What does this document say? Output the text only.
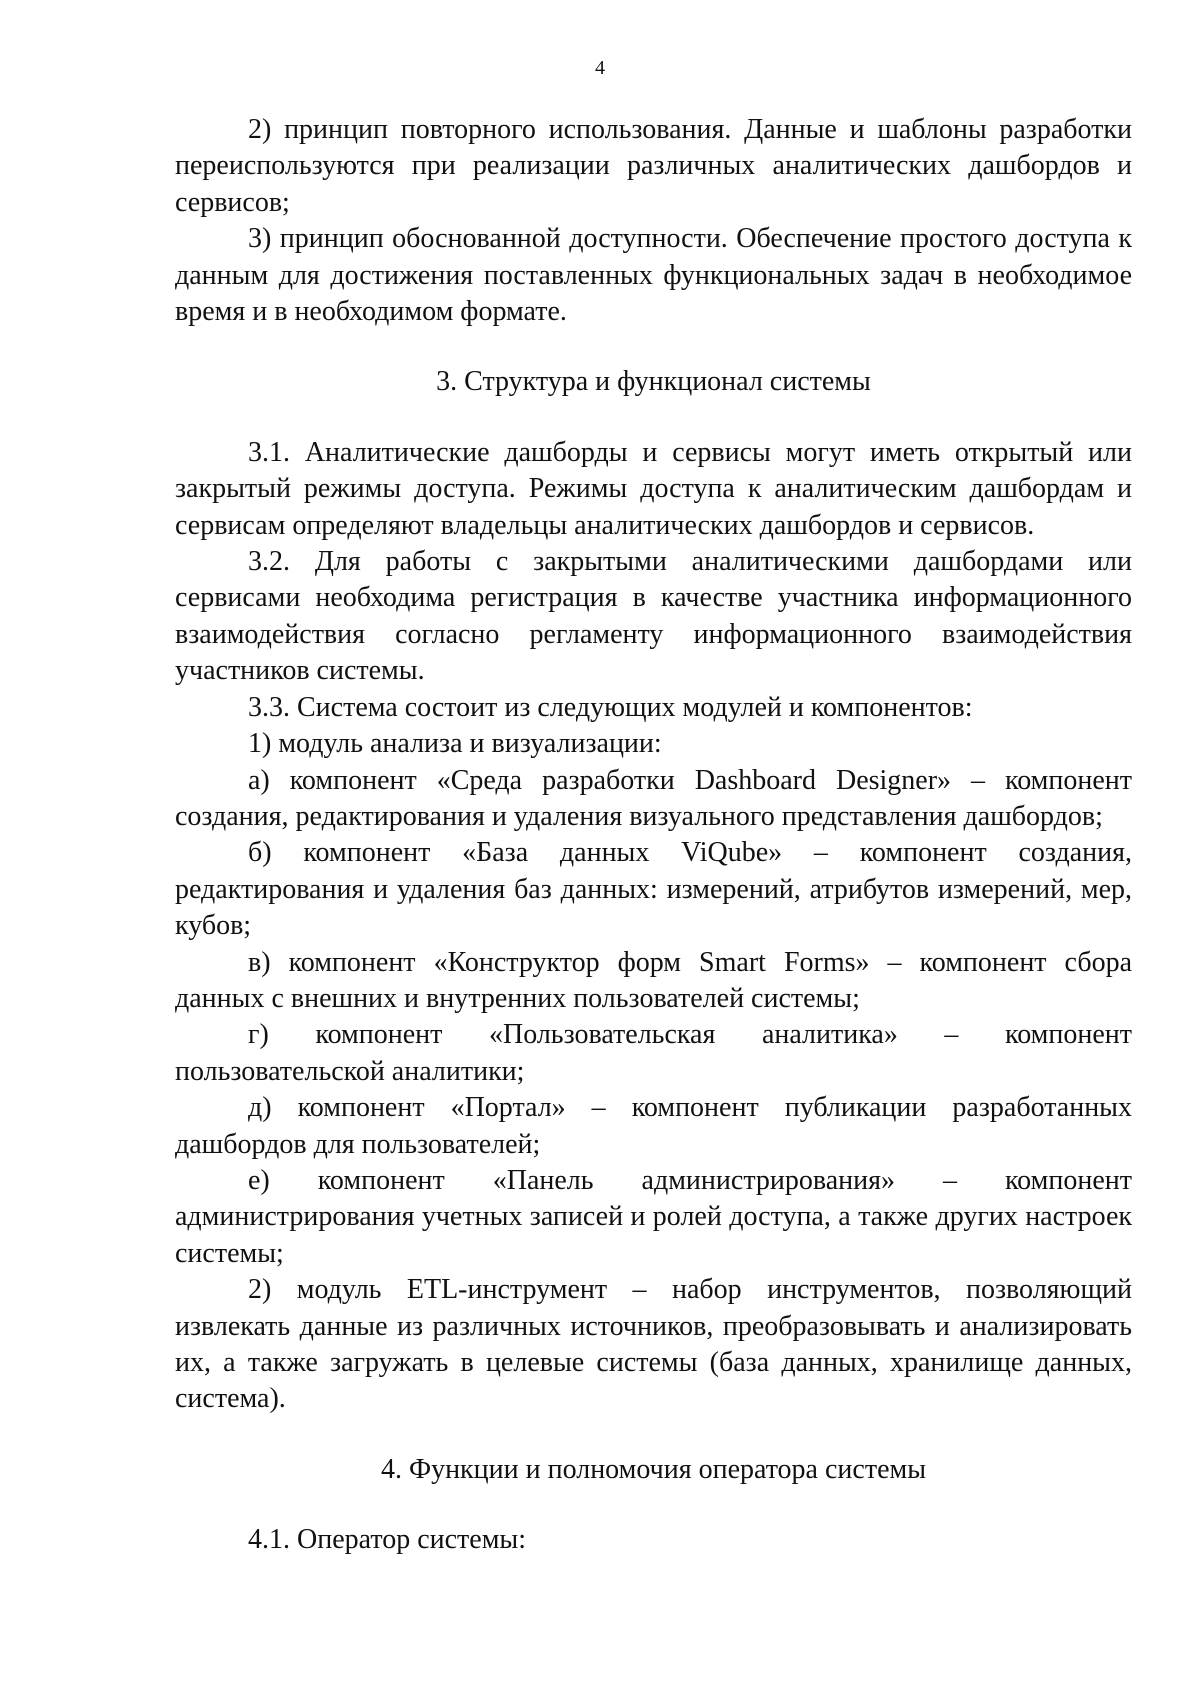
4

2) принцип повторного использования. Данные и шаблоны разработки переиспользуются при реализации различных аналитических дашбордов и сервисов;

3) принцип обоснованной доступности. Обеспечение простого доступа к данным для достижения поставленных функциональных задач в необходимое время и в необходимом формате.

3. Структура и функционал системы

3.1. Аналитические дашборды и сервисы могут иметь открытый или закрытый режимы доступа. Режимы доступа к аналитическим дашбордам и сервисам определяют владельцы аналитических дашбордов и сервисов.

3.2. Для работы с закрытыми аналитическими дашбордами или сервисами необходима регистрация в качестве участника информационного взаимодействия согласно регламенту информационного взаимодействия участников системы.

3.3. Система состоит из следующих модулей и компонентов:

1) модуль анализа и визуализации:

а) компонент «Среда разработки Dashboard Designer» – компонент создания, редактирования и удаления визуального представления дашбордов;

б) компонент «База данных ViQube» – компонент создания, редактирования и удаления баз данных: измерений, атрибутов измерений, мер, кубов;

в) компонент «Конструктор форм Smart Forms» – компонент сбора данных с внешних и внутренних пользователей системы;

г) компонент «Пользовательская аналитика» – компонент пользовательской аналитики;

д) компонент «Портал» – компонент публикации разработанных дашбордов для пользователей;

е) компонент «Панель администрирования» – компонент администрирования учетных записей и ролей доступа, а также других настроек системы;

2) модуль ETL-инструмент – набор инструментов, позволяющий извлекать данные из различных источников, преобразовывать и анализировать их, а также загружать в целевые системы (база данных, хранилище данных, система).

4. Функции и полномочия оператора системы

4.1. Оператор системы:
